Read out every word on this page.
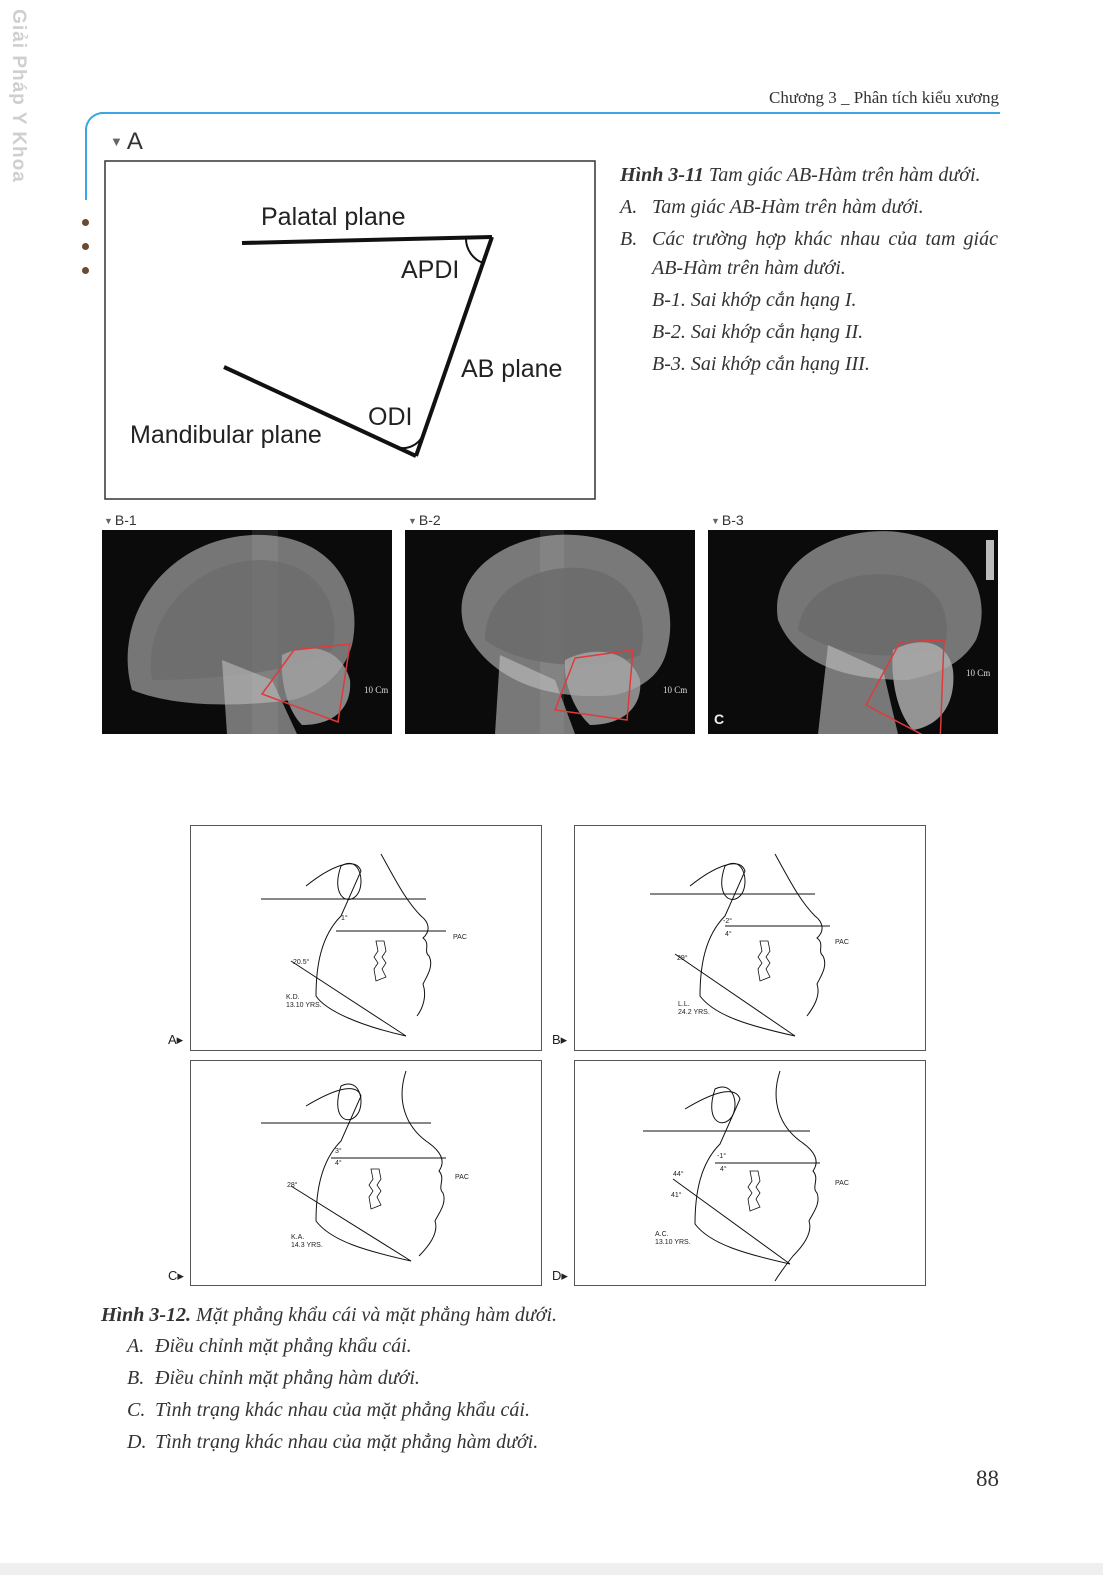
Giải Pháp Y Khoa	Chương 3 _ Phân tích kiểu xương
▼ A
Palatal plane
APDI
AB plane
ODI
Mandibular plane
Hình 3-11 Tam giác AB-Hàm trên hàm dưới.
A. Tam giác AB-Hàm trên hàm dưới.
B. Các trường hợp khác nhau của tam giác AB-Hàm trên hàm dưới.
B-1. Sai khớp cắn hạng I.
B-2. Sai khớp cắn hạng II.
B-3. Sai khớp cắn hạng III.
▼ B-1	▼ B-2	▼ B-3
10 Cm	10 Cm
10 Cm
C
1°
20.5°
K.D.
13.10 YRS.
PAC
A▸
-2°
4°
29°
L.L.
24.2 YRS.
PAC
B▸
3°
4°
28°
K.A.
14.3 YRS.
PAC
C▸
-1°
4°
44°
41°
A.C.
13.10 YRS.
PAC
D▸
Hình 3-12. Mặt phẳng khẩu cái và mặt phẳng hàm dưới.
A. Điều chỉnh mặt phẳng khẩu cái.
B. Điều chỉnh mặt phẳng hàm dưới.
C. Tình trạng khác nhau của mặt phẳng khẩu cái.
D. Tình trạng khác nhau của mặt phẳng hàm dưới.
88
